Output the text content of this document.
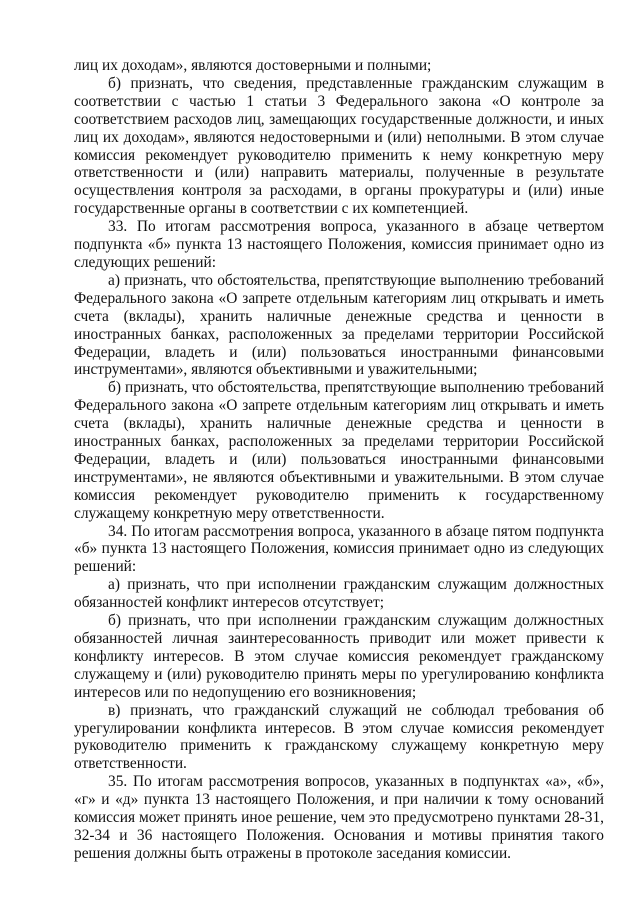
лиц их доходам», являются достоверными и полными;

б) признать, что сведения, представленные гражданским служащим в соответствии с частью 1 статьи 3 Федерального закона «О контроле за соответствием расходов лиц, замещающих государственные должности, и иных лиц их доходам», являются недостоверными и (или) неполными. В этом случае комиссия рекомендует руководителю применить к нему конкретную меру ответственности и (или) направить материалы, полученные в результате осуществления контроля за расходами, в органы прокуратуры и (или) иные государственные органы в соответствии с их компетенцией.

33. По итогам рассмотрения вопроса, указанного в абзаце четвертом подпункта «б» пункта 13 настоящего Положения, комиссия принимает одно из следующих решений:

а) признать, что обстоятельства, препятствующие выполнению требований Федерального закона «О запрете отдельным категориям лиц открывать и иметь счета (вклады), хранить наличные денежные средства и ценности в иностранных банках, расположенных за пределами территории Российской Федерации, владеть и (или) пользоваться иностранными финансовыми инструментами», являются объективными и уважительными;

б) признать, что обстоятельства, препятствующие выполнению требований Федерального закона «О запрете отдельным категориям лиц открывать и иметь счета (вклады), хранить наличные денежные средства и ценности в иностранных банках, расположенных за пределами территории Российской Федерации, владеть и (или) пользоваться иностранными финансовыми инструментами», не являются объективными и уважительными. В этом случае комиссия рекомендует руководителю применить к государственному служащему конкретную меру ответственности.

34. По итогам рассмотрения вопроса, указанного в абзаце пятом подпункта «б» пункта 13 настоящего Положения, комиссия принимает одно из следующих решений:

а) признать, что при исполнении гражданским служащим должностных обязанностей конфликт интересов отсутствует;

б) признать, что при исполнении гражданским служащим должностных обязанностей личная заинтересованность приводит или может привести к конфликту интересов. В этом случае комиссия рекомендует гражданскому служащему и (или) руководителю принять меры по урегулированию конфликта интересов или по недопущению его возникновения;

в) признать, что гражданский служащий не соблюдал требования об урегулировании конфликта интересов. В этом случае комиссия рекомендует руководителю применить к гражданскому служащему конкретную меру ответственности.

35. По итогам рассмотрения вопросов, указанных в подпунктах «а», «б», «г» и «д» пункта 13 настоящего Положения, и при наличии к тому оснований комиссия может принять иное решение, чем это предусмотрено пунктами 28-31, 32-34 и 36 настоящего Положения. Основания и мотивы принятия такого решения должны быть отражены в протоколе заседания комиссии.
